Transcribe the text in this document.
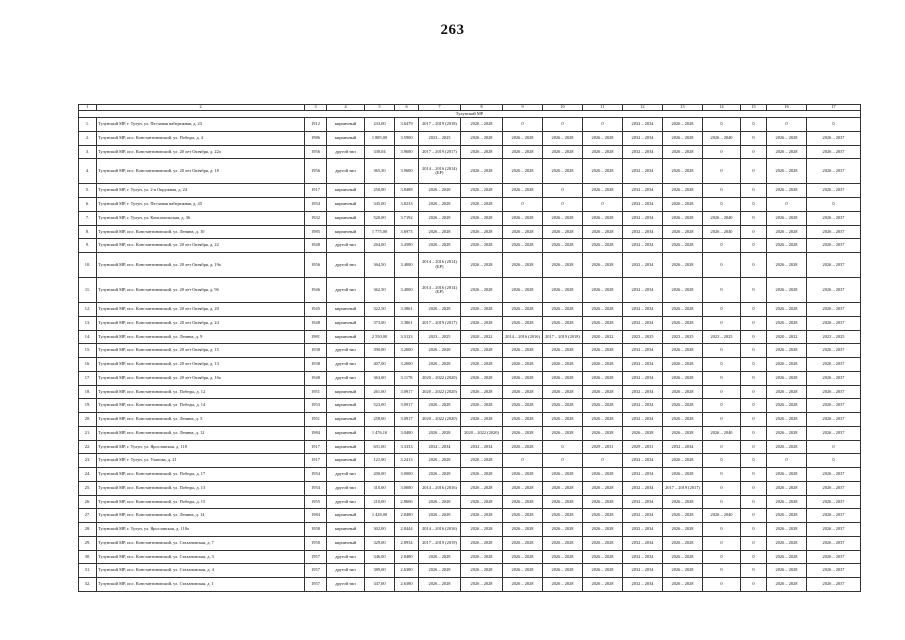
263
1	2	3	4	5	6	7	8	9	10	11	12	13	14	15	16	17
Тулунский МР																
1.	Тулунский МР, г. Тулун, ул. Песчаная набережная, д. 23	1912	кирпичный	233,00	3.6479	2017 – 2019 (2018)	2026 – 2028	0	0	0	2032 – 2034	2026 – 2028	0	0	0	0
2.	Тулунский МР, пос. Константиновский, ул. Победы, д. 4	1986	кирпичный	1 885,00	3.5900	2023 – 2025	2026 – 2028	2026 – 2028	2026 – 2028	2026 – 2028	2032 – 2034	2026 – 2028	2026 – 2040	0	2026 – 2028	2026 – 2037
3.	Тулунский МР, пос. Константиновский, ул. 20 лет Октября, д. 22а	1956	другой тип	338,04	3.9600	2017 – 2019 (2017)	2026 – 2028	2026 – 2028	2026 – 2028	2026 – 2028	2032 – 2034	2026 – 2028	0	0	2026 – 2028	2026 – 2037
4.	Тулунский МР, пос. Константиновский, ул. 20 лет Октября, д. 18	1956	другой тип	365,50	3.9600	2014 – 2016 (2014) (БР)	2026 – 2028	2026 – 2028	2026 – 2028	2026 – 2028	2032 – 2034	2026 – 2028	0	0	2026 – 2028	2026 – 2037
5.	Тулунский МР, г. Тулун, ул. 2-я Окружная, д. 24	1917	кирпичный	250,00	3.8488	2026 – 2028	2026 – 2028	2026 – 2028	0	2026 – 2028	2032 – 2034	2026 – 2028	0	0	2026 – 2028	2026 – 2037
6.	Тулунский МР, г. Тулун, ул. Песчаная набережная, д. 45	1954	кирпичный	345,00	3.8233	2026 – 2028	2026 – 2028	0	0	0	2032 – 2034	2026 – 2028	0	0	0	0
7.	Тулунский МР, г. Тулун, ул. Комсомольская, д. 36	1932	кирпичный	520,00	3.7192	2026 – 2028	2026 – 2028	2026 – 2028	2026 – 2028	2026 – 2028	2032 – 2034	2026 – 2028	2026 – 2040	0	2026 – 2028	2026 – 2037
8.	Тулунский МР, пос. Константиновский, ул. Ленина, д. 10	1985	кирпичный	1 775,00	3.6973	2026 – 2028	2026 – 2028	2026 – 2028	2026 – 2028	2026 – 2028	2032 – 2034	2026 – 2028	2026 – 2040	0	2026 – 2028	2026 – 2037
9.	Тулунский МР, пос. Константиновский, ул. 20 лет Октября, д. 22	1948	другой тип	264,00	3.4580	2026 – 2028	2026 – 2028	2026 – 2028	2026 – 2028	2026 – 2028	2032 – 2034	2026 – 2028	0	0	2026 – 2028	2026 – 2037
10.	Тулунский МР, пос. Константиновский, ул. 20 лет Октября, д. 19а	1956	другой тип	364,50	3.4000	2014 – 2016 (2014) (БР)	2026 – 2028	2026 – 2028	2026 – 2028	2026 – 2028	2032 – 2034	2026 – 2028	0	0	2026 – 2028	2026 – 2037
11.	Тулунский МР, пос. Константиновский, ул. 20 лет Октября, д. 9б	1946	другой тип	362,50	3.4000	2014 – 2016 (2014) (БР)	2026 – 2028	2026 – 2028	2026 – 2028	2026 – 2028	2032 – 2034	2026 – 2028	0	0	2026 – 2028	2026 – 2037
12.	Тулунский МР, пос. Константиновский, ул. 20 лет Октября, д. 20	1945	кирпичный	322,50	3.3861	2026 – 2028	2026 – 2028	2026 – 2028	2026 – 2028	2026 – 2028	2032 – 2034	2026 – 2028	0	0	2026 – 2028	2026 – 2037
13.	Тулунский МР, пос. Константиновский, ул. 20 лет Октября, д. 24	1948	кирпичный	373,00	3.3861	2017 – 2019 (2017)	2026 – 2028	2026 – 2028	2026 – 2028	2026 – 2028	2032 – 2034	2026 – 2028	0	0	2026 – 2028	2026 – 2037
14.	Тулунский МР, пос. Константиновский, ул. Ленина, д. 9	1981	кирпичный	2 550,00	3.3123	2023 – 2025	2020 – 2022	2014 – 2016 (2016)	2017 – 2019 (2018)	2020 – 2022	2023 – 2025	2023 – 2025	2023 – 2025	0	2020 – 2022	2023 – 2025
15.	Тулунский МР, пос. Константиновский, ул. 20 лет Октября, д. 15	1938	другой тип	390,00	3.2000	2026 – 2028	2026 – 2028	2026 – 2028	2026 – 2028	2026 – 2028	2032 – 2034	2026 – 2028	0	0	2026 – 2028	2026 – 2037
16.	Тулунский МР, пос. Константиновский, ул. 20 лет Октября, д. 13	1938	другой тип	407,00	3.2000	2026 – 2028	2026 – 2028	2026 – 2028	2026 – 2028	2026 – 2028	2032 – 2034	2026 – 2028	0	0	2026 – 2028	2026 – 2037
17.	Тулунский МР, пос. Константиновский, ул. 20 лет Октября, д. 16а	1948	другой тип	363,00	3.1178	2020 – 2022 (2020)	2026 – 2028	2026 – 2028	2026 – 2028	2026 – 2028	2032 – 2034	2026 – 2028	0	0	2026 – 2028	2026 – 2037
18.	Тулунский МР, пос. Константиновский, ул. Победы, д. 12	1951	кирпичный	261,00	3.0917	2020 – 2022 (2020)	2026 – 2028	2026 – 2028	2026 – 2028	2026 – 2028	2032 – 2034	2026 – 2028	0	0	2026 – 2028	2026 – 2037
19.	Тулунский МР, пос. Константиновский, ул. Победы, д. 14	1953	кирпичный	523,00	3.0917	2026 – 2028	2026 – 2028	2026 – 2028	2026 – 2028	2026 – 2028	2032 – 2034	2026 – 2028	0	0	2026 – 2028	2026 – 2037
20.	Тулунский МР, пос. Константиновский, ул. Ленина, д. 5	1951	кирпичный	258,00	3.0917	2020 – 2022 (2020)	2026 – 2028	2026 – 2028	2026 – 2028	2026 – 2028	2032 – 2034	2026 – 2028	0	0	2026 – 2028	2026 – 2037
21.	Тулунский МР, пос. Константиновский, ул. Ленина, д. 12	1984	кирпичный	1 476,10	3.0400	2026 – 2028	2020 – 2022 (2020)	2026 – 2028	2026 – 2028	2026 – 2028	2026 – 2028	2026 – 2028	2026 – 2040	0	2026 – 2028	2026 – 2037
22.	Тулунский МР, г. Тулун, ул. Ярославская, д. 118	1917	кирпичный	631,00	3.3333	2032 – 2034	2032 – 2034	2026 – 2028	0	2029 – 2031	2029 – 2031	2032 – 2034	0	0	2026 – 2028	0
23.	Тулунский МР, г. Тулун, ул. Уланова, д. 21	1917	кирпичный	121,00	3.2413	2026 – 2028	2026 – 2028	0	0	0	2032 – 2034	2026 – 2028	0	0	0	0
24.	Тулунский МР, пос. Константиновский, ул. Победы, д. 17	1954	другой тип	200,00	3.0000	2026 – 2028	2026 – 2028	2026 – 2028	2026 – 2028	2026 – 2028	2032 – 2034	2026 – 2028	0	0	2026 – 2028	2026 – 2037
25.	Тулунский МР, пос. Константиновский, ул. Победы, д. 13	1954	другой тип	310,00	3.0000	2014 – 2016 (2016)	2026 – 2028	2026 – 2028	2026 – 2028	2026 – 2028	2032 – 2034	2017 – 2019 (2017)	0	0	2026 – 2028	2026 – 2037
26.	Тулунский МР, пос. Константиновский, ул. Победы, д. 15	1955	другой тип	210,00	2.8606	2026 – 2028	2026 – 2028	2026 – 2028	2026 – 2028	2026 – 2028	2032 – 2034	2026 – 2028	0	0	2026 – 2028	2026 – 2037
27.	Тулунский МР, пос. Константиновский, ул. Ленина, д. 14	1984	кирпичный	1 428,00	2.8480	2026 – 2028	2026 – 2028	2026 – 2028	2026 – 2028	2026 – 2028	2032 – 2034	2026 – 2028	2026 – 2040	0	2026 – 2028	2026 – 2037
28.	Тулунский МР, г. Тулун, ул. Ярославская, д. 118а	1958	кирпичный	302,00	2.8444	2014 – 2016 (2016)	2026 – 2028	2026 – 2028	2026 – 2028	2026 – 2028	2032 – 2034	2026 – 2028	0	0	2026 – 2028	2026 – 2037
29.	Тулунский МР, пос. Константиновский, ул. Стахановская, д. 7	1950	кирпичный	329,00	2.8934	2017 – 2019 (2019)	2026 – 2028	2026 – 2028	2026 – 2028	2026 – 2028	2032 – 2034	2026 – 2028	0	0	2026 – 2028	2026 – 2037
30.	Тулунский МР, пос. Константиновский, ул. Стахановская, д. 3	1957	другой тип	346,00	2.8480	2026 – 2028	2026 – 2028	2026 – 2028	2026 – 2028	2026 – 2028	2032 – 2034	2026 – 2028	0	0	2026 – 2028	2026 – 2037
31.	Тулунский МР, пос. Константиновский, ул. Стахановская, д. 4	1957	другой тип	389,00	2.6380	2026 – 2028	2026 – 2028	2026 – 2028	2026 – 2028	2026 – 2028	2032 – 2034	2026 – 2028	0	0	2026 – 2028	2026 – 2037
32.	Тулунский МР, пос. Константиновский, ул. Стахановская, д. 1	1957	другой тип	347,00	2.6380	2026 – 2028	2026 – 2028	2026 – 2028	2026 – 2028	2026 – 2028	2032 – 2034	2026 – 2028	0	0	2026 – 2028	2026 – 2037
